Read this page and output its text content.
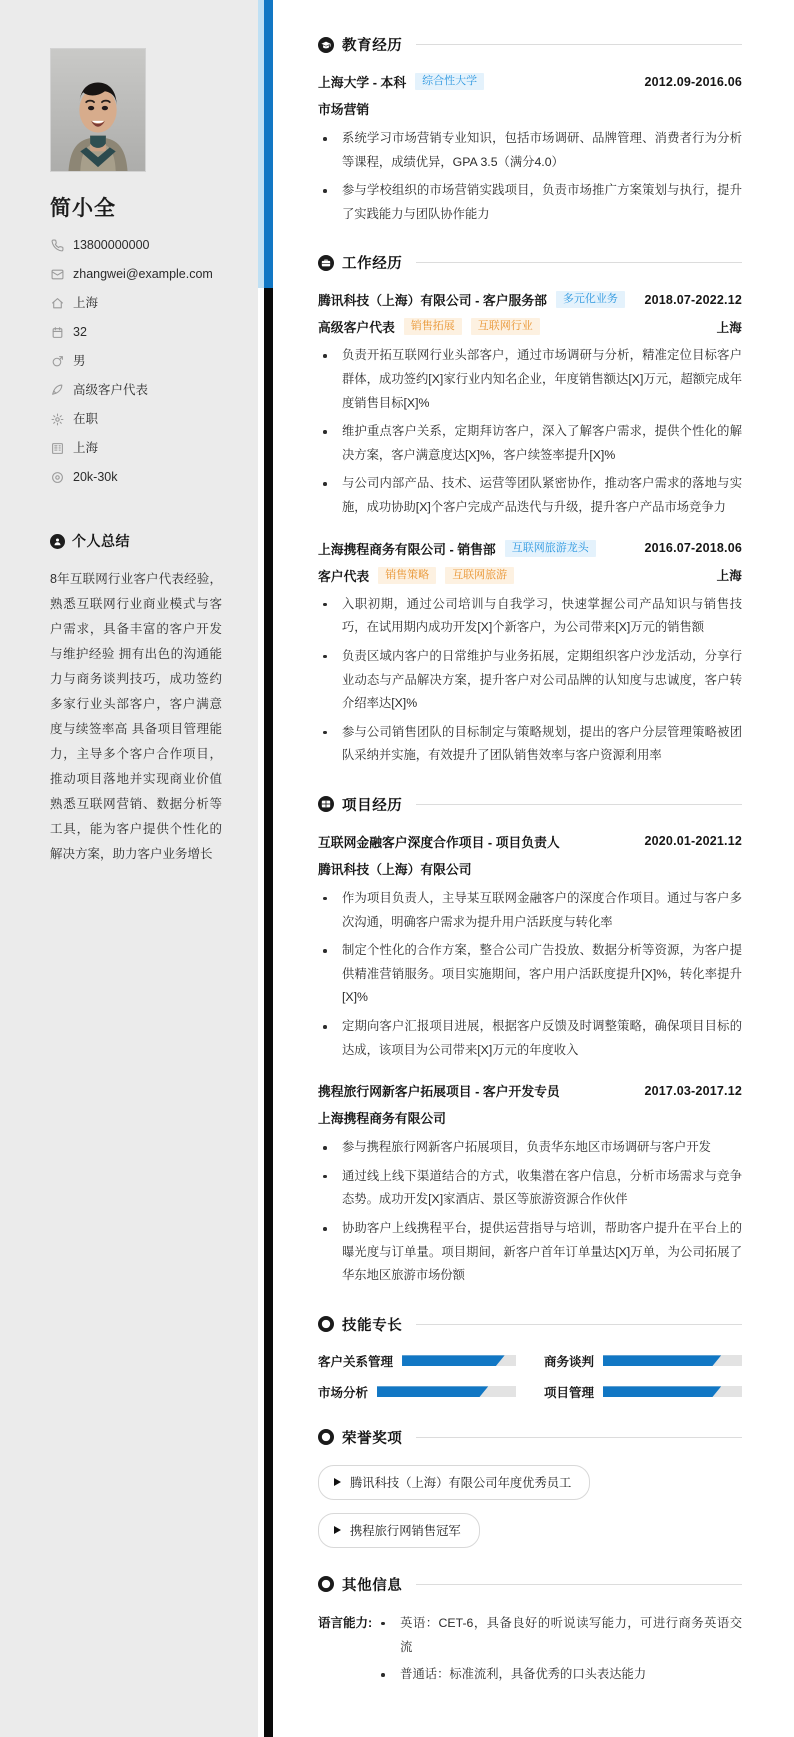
简小全
13800000000
zhangwei@example.com
上海
32
男
高级客户代表
在职
上海
20k-30k
个人总结

8年互联网行业客户代表经验，熟悉互联网行业商业模式与客户需求，具备丰富的客户开发与维护经验 拥有出色的沟通能力与商务谈判技巧，成功签约多家行业头部客户，客户满意度与续签率高 具备项目管理能力，主导多个客户合作项目，推动项目落地并实现商业价值 熟悉互联网营销、数据分析等工具，能为客户提供个性化的解决方案，助力客户业务增长

教育经历
上海大学 - 本科	综合性大学	2012.09-2016.06
市场营销
系统学习市场营销专业知识，包括市场调研、品牌管理、消费者行为分析等课程，成绩优异，GPA 3.5（满分4.0）
参与学校组织的市场营销实践项目，负责市场推广方案策划与执行，提升了实践能力与团队协作能力
工作经历
腾讯科技（上海）有限公司 - 客户服务部	多元化业务	2018.07-2022.12
高级客户代表	销售拓展	互联网行业	上海
负责开拓互联网行业头部客户，通过市场调研与分析，精准定位目标客户群体，成功签约[X]家行业内知名企业，年度销售额达[X]万元，超额完成年度销售目标[X]%
维护重点客户关系，定期拜访客户，深入了解客户需求，提供个性化的解决方案，客户满意度达[X]%，客户续签率提升[X]%
与公司内部产品、技术、运营等团队紧密协作，推动客户需求的落地与实施，成功协助[X]个客户完成产品迭代与升级，提升客户产品市场竞争力
上海携程商务有限公司 - 销售部	互联网旅游龙头	2016.07-2018.06
客户代表	销售策略	互联网旅游	上海
入职初期，通过公司培训与自我学习，快速掌握公司产品知识与销售技巧，在试用期内成功开发[X]个新客户，为公司带来[X]万元的销售额
负责区域内客户的日常维护与业务拓展，定期组织客户沙龙活动，分享行业动态与产品解决方案，提升客户对公司品牌的认知度与忠诚度，客户转介绍率达[X]%
参与公司销售团队的目标制定与策略规划，提出的客户分层管理策略被团队采纳并实施，有效提升了团队销售效率与客户资源利用率
项目经历
互联网金融客户深度合作项目 - 项目负责人	2020.01-2021.12
腾讯科技（上海）有限公司
作为项目负责人，主导某互联网金融客户的深度合作项目。通过与客户多次沟通，明确客户需求为提升用户活跃度与转化率
制定个性化的合作方案，整合公司广告投放、数据分析等资源，为客户提供精准营销服务。项目实施期间，客户用户活跃度提升[X]%，转化率提升[X]%
定期向客户汇报项目进展，根据客户反馈及时调整策略，确保项目目标的达成，该项目为公司带来[X]万元的年度收入
携程旅行网新客户拓展项目 - 客户开发专员	2017.03-2017.12
上海携程商务有限公司
参与携程旅行网新客户拓展项目，负责华东地区市场调研与客户开发
通过线上线下渠道结合的方式，收集潜在客户信息，分析市场需求与竞争态势。成功开发[X]家酒店、景区等旅游资源合作伙伴
协助客户上线携程平台，提供运营指导与培训，帮助客户提升在平台上的曝光度与订单量。项目期间，新客户首年订单量达[X]万单，为公司拓展了华东地区旅游市场份额
技能专长
客户关系管理	商务谈判
市场分析	项目管理
荣誉奖项
腾讯科技（上海）有限公司年度优秀员工
携程旅行网销售冠军
其他信息
语言能力:	英语：CET-6，具备良好的听说读写能力，可进行商务英语交流
普通话：标准流利，具备优秀的口头表达能力
